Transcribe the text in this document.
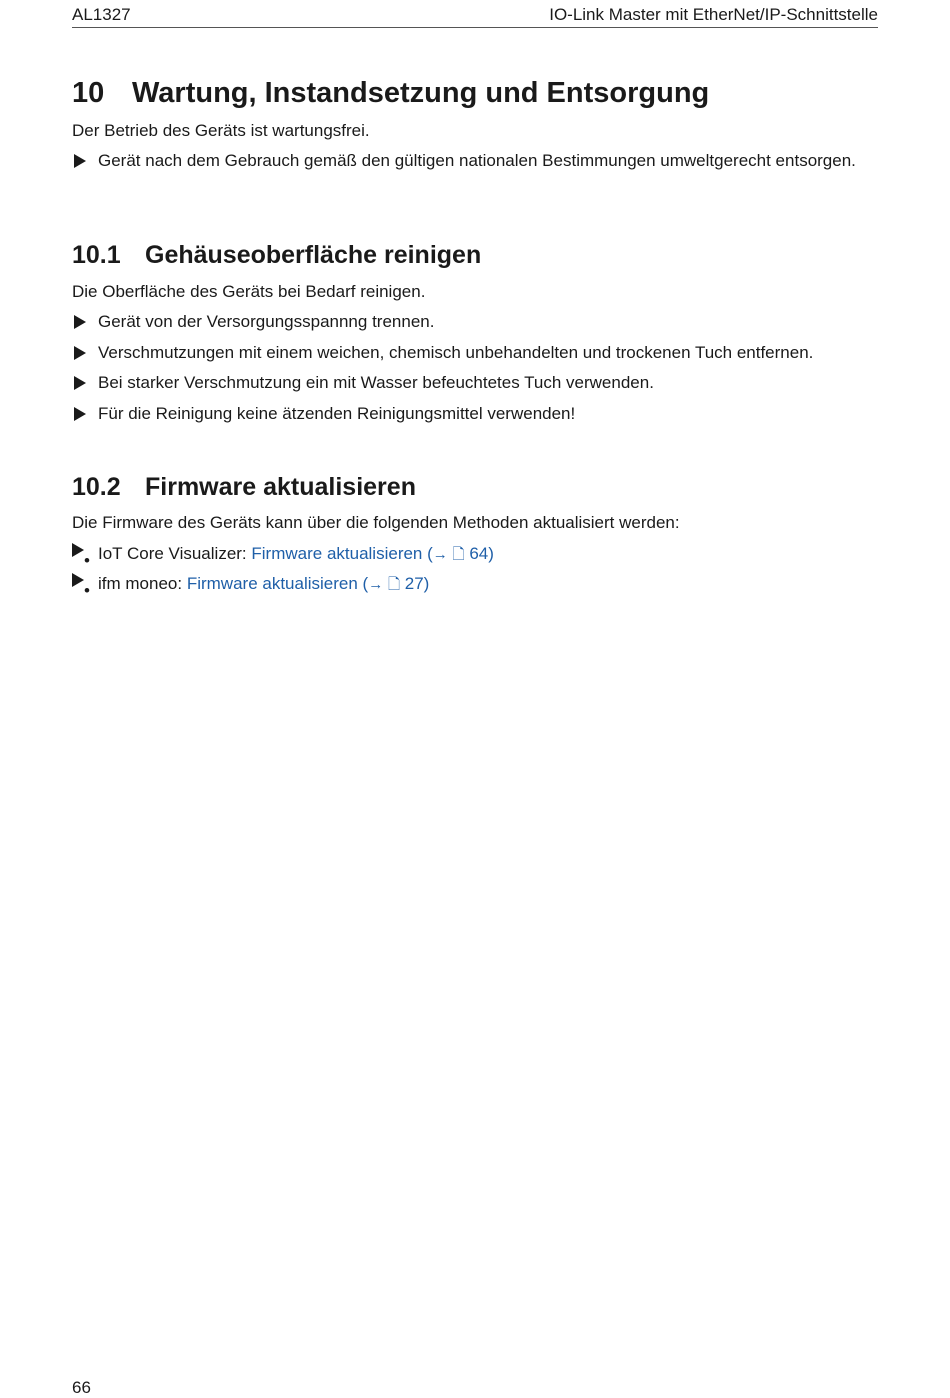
AL1327	IO-Link Master mit EtherNet/IP-Schnittstelle
10 Wartung, Instandsetzung und Entsorgung
Der Betrieb des Geräts ist wartungsfrei.
Gerät nach dem Gebrauch gemäß den gültigen nationalen Bestimmungen umweltgerecht entsorgen.
10.1 Gehäuseoberfläche reinigen
Die Oberfläche des Geräts bei Bedarf reinigen.
Gerät von der Versorgungsspannng trennen.
Verschmutzungen mit einem weichen, chemisch unbehandelten und trockenen Tuch entfernen.
Bei starker Verschmutzung ein mit Wasser befeuchtetes Tuch verwenden.
Für die Reinigung keine ätzenden Reinigungsmittel verwenden!
10.2 Firmware aktualisieren
Die Firmware des Geräts kann über die folgenden Methoden aktualisiert werden:
• IoT Core Visualizer: Firmware aktualisieren (→ 🗋 64)
• ifm moneo: Firmware aktualisieren (→ 🗋 27)
66
